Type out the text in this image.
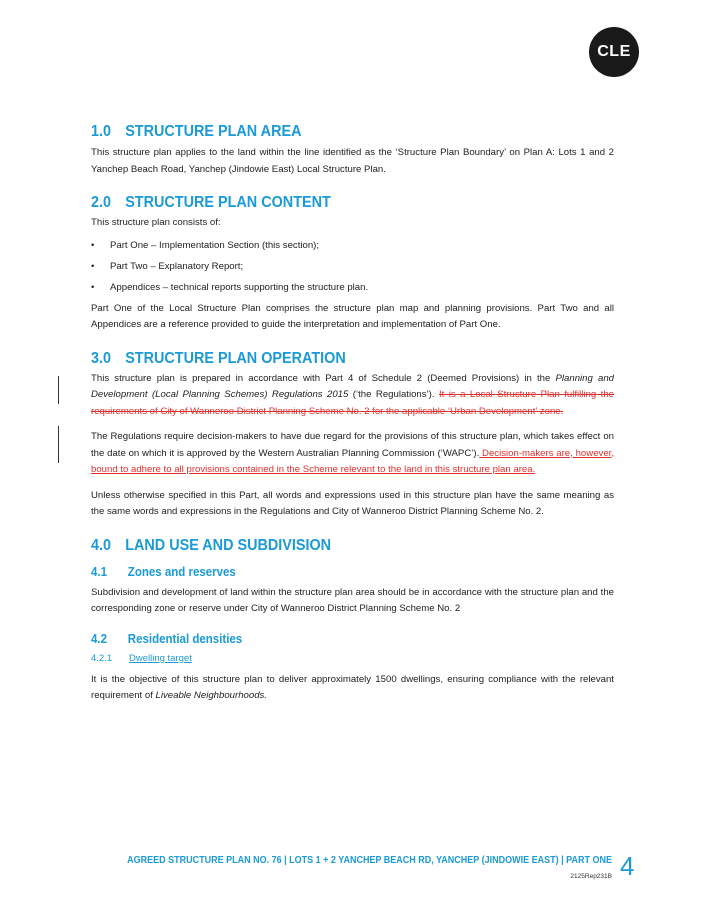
CLE
1.0 STRUCTURE PLAN AREA

This structure plan applies to the land within the line identified as the ‘Structure Plan Boundary’ on Plan A: Lots 1 and 2 Yanchep Beach Road, Yanchep (Jindowie East) Local Structure Plan.

2.0 STRUCTURE PLAN CONTENT

This structure plan consists of:

• Part One – Implementation Section (this section);
• Part Two – Explanatory Report;
• Appendices – technical reports supporting the structure plan.

Part One of the Local Structure Plan comprises the structure plan map and planning provisions. Part Two and all Appendices are a reference provided to guide the interpretation and implementation of Part One.

3.0 STRUCTURE PLAN OPERATION

This structure plan is prepared in accordance with Part 4 of Schedule 2 (Deemed Provisions) in the Planning and Development (Local Planning Schemes) Regulations 2015 (‘the Regulations’). It is a Local Structure Plan fulfilling the requirements of City of Wanneroo District Planning Scheme No. 2 for the applicable ‘Urban Development’ zone.

The Regulations require decision-makers to have due regard for the provisions of this structure plan, which takes effect on the date on which it is approved by the Western Australian Planning Commission (‘WAPC’). Decision-makers are, however, bound to adhere to all provisions contained in the Scheme relevant to the land in this structure plan area.

Unless otherwise specified in this Part, all words and expressions used in this structure plan have the same meaning as the same words and expressions in the Regulations and City of Wanneroo District Planning Scheme No. 2.

4.0 LAND USE AND SUBDIVISION
4.1 Zones and reserves

Subdivision and development of land within the structure plan area should be in accordance with the structure plan and the corresponding zone or reserve under City of Wanneroo District Planning Scheme No. 2

4.2 Residential densities
4.2.1 Dwelling target

It is the objective of this structure plan to deliver approximately 1500 dwellings, ensuring compliance with the relevant requirement of Liveable Neighbourhoods.

AGREED STRUCTURE PLAN NO. 76 | LOTS 1 + 2 YANCHEP BEACH RD, YANCHEP (JINDOWIE EAST) | PART ONE 4
2125Rep231B
